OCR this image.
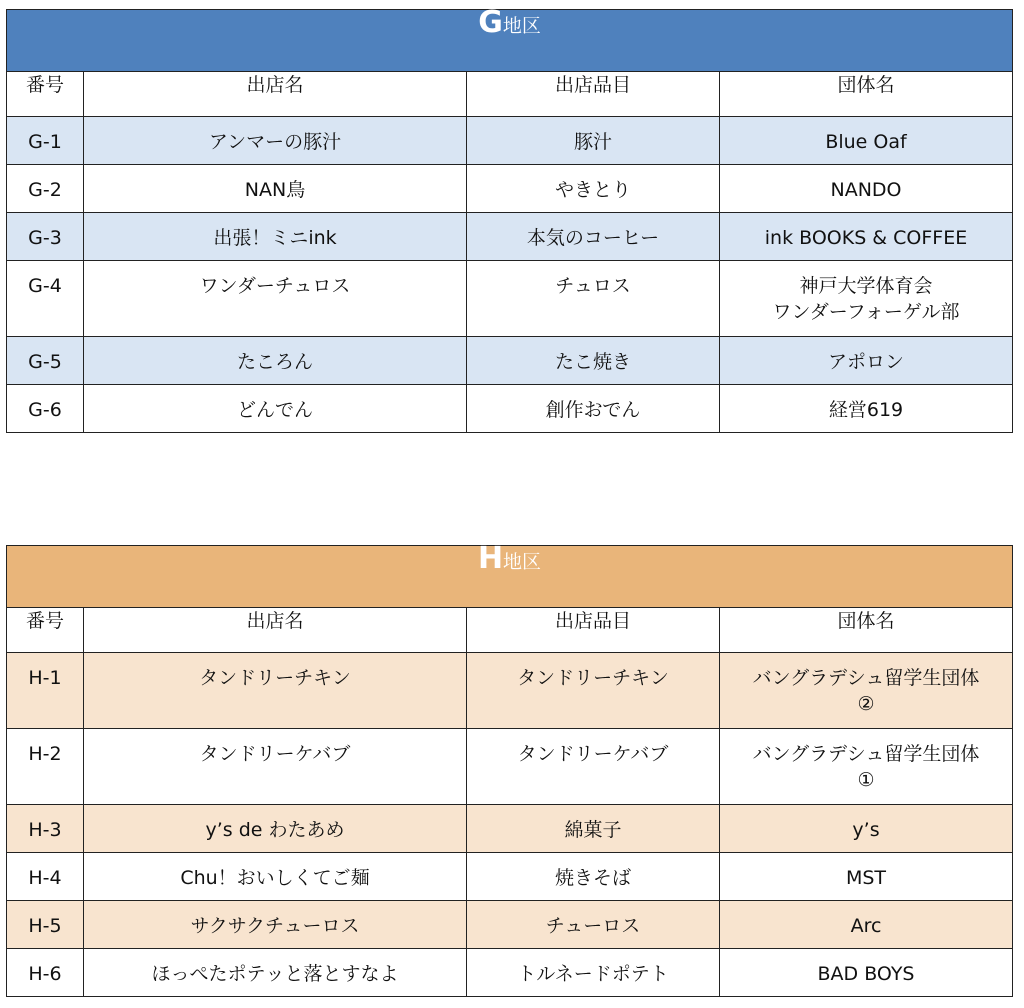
G地区			
番号	出店名	出店品目	団体名

G-1	アンマーの豚汁	豚汁	Blue Oaf

G-2	NAN鳥	やきとり	NANDO

G-3	出張！ミニink	本気のコーヒー	ink BOOKS & COFFEE

G-4	ワンダーチュロス	チュロス	神戸大学体育会
ワンダーフォーゲル部

G-5	たころん	たこ焼き	アポロン

G-6	どんでん	創作おでん	経営619
H地区			
番号	出店名	出店品目	団体名

H-1	タンドリーチキン	タンドリーチキン	バングラデシュ留学生団体
②

H-2	タンドリーケバブ	タンドリーケバブ	バングラデシュ留学生団体
①

H-3	y’s de わたあめ	綿菓子	y’s

H-4	Chu！おいしくてご麺	焼きそば	MST

H-5	サクサクチューロス	チューロス	Arc

H-6	ほっぺたポテッと落とすなよ	トルネードポテト	BAD BOYS
